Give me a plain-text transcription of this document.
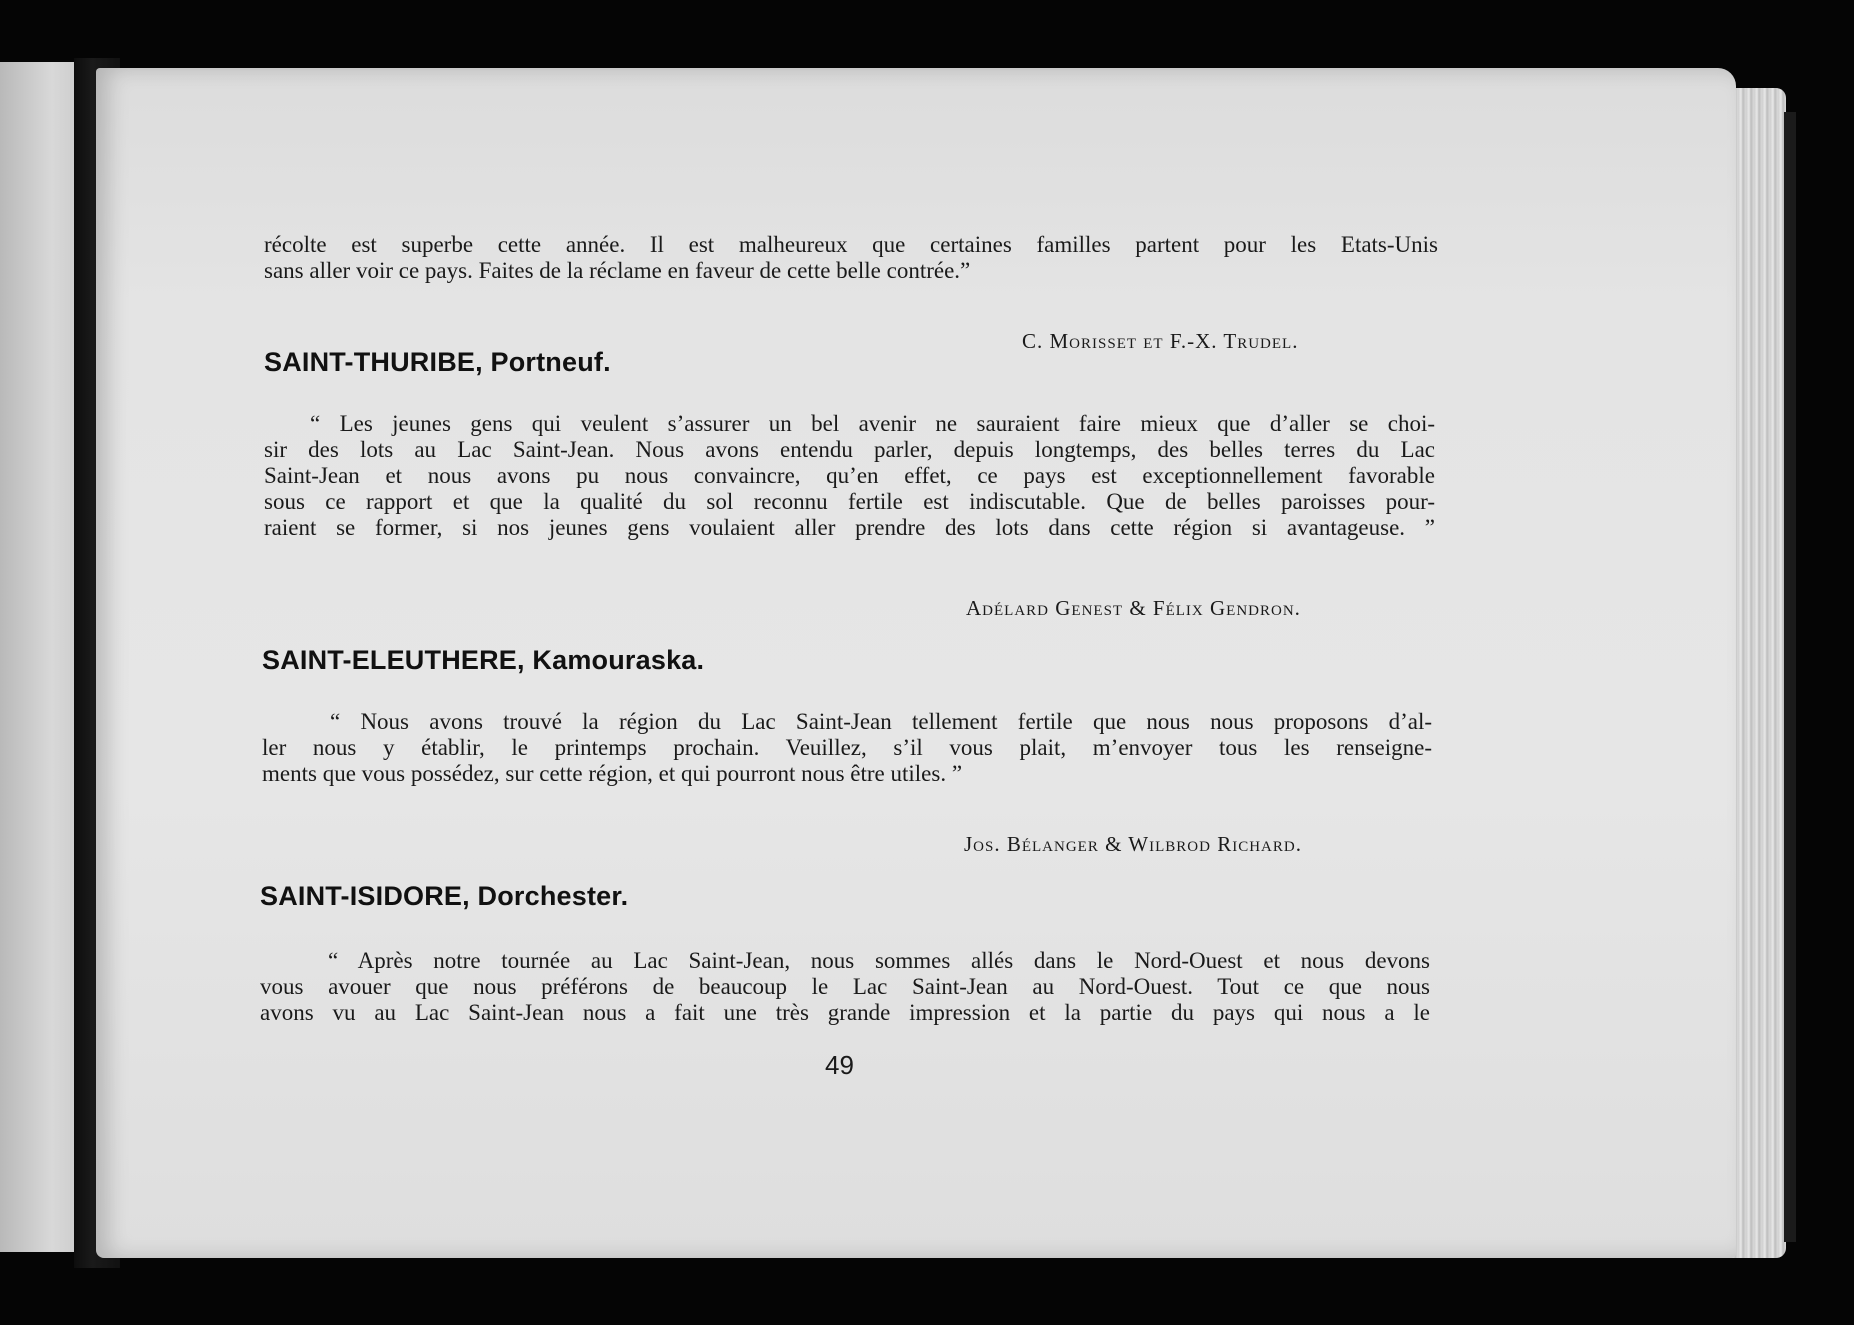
récolte est superbe cette année. Il est malheureux que certaines familles partent pour les Etats-Unis
sans aller voir ce pays. Faites de la réclame en faveur de cette belle contrée.”
C. Morisset et F.-X. Trudel.
SAINT-THURIBE, Portneuf.
“ Les jeunes gens qui veulent s’assurer un bel avenir ne sauraient faire mieux que d’aller se choi-
sir des lots au Lac Saint-Jean. Nous avons entendu parler, depuis longtemps, des belles terres du Lac
Saint-Jean et nous avons pu nous convaincre, qu’en effet, ce pays est exceptionnellement favorable
sous ce rapport et que la qualité du sol reconnu fertile est indiscutable. Que de belles paroisses pour-
raient se former, si nos jeunes gens voulaient aller prendre des lots dans cette région si avantageuse. ”
Adélard Genest & Félix Gendron.
SAINT-ELEUTHERE, Kamouraska.
“ Nous avons trouvé la région du Lac Saint-Jean tellement fertile que nous nous proposons d’al-
ler nous y établir, le printemps prochain. Veuillez, s’il vous plait, m’envoyer tous les renseigne-
ments que vous possédez, sur cette région, et qui pourront nous être utiles. ”
Jos. Bélanger & Wilbrod Richard.
SAINT-ISIDORE, Dorchester.
“ Après notre tournée au Lac Saint-Jean, nous sommes allés dans le Nord-Ouest et nous devons
vous avouer que nous préférons de beaucoup le Lac Saint-Jean au Nord-Ouest. Tout ce que nous
avons vu au Lac Saint-Jean nous a fait une très grande impression et la partie du pays qui nous a le
49
